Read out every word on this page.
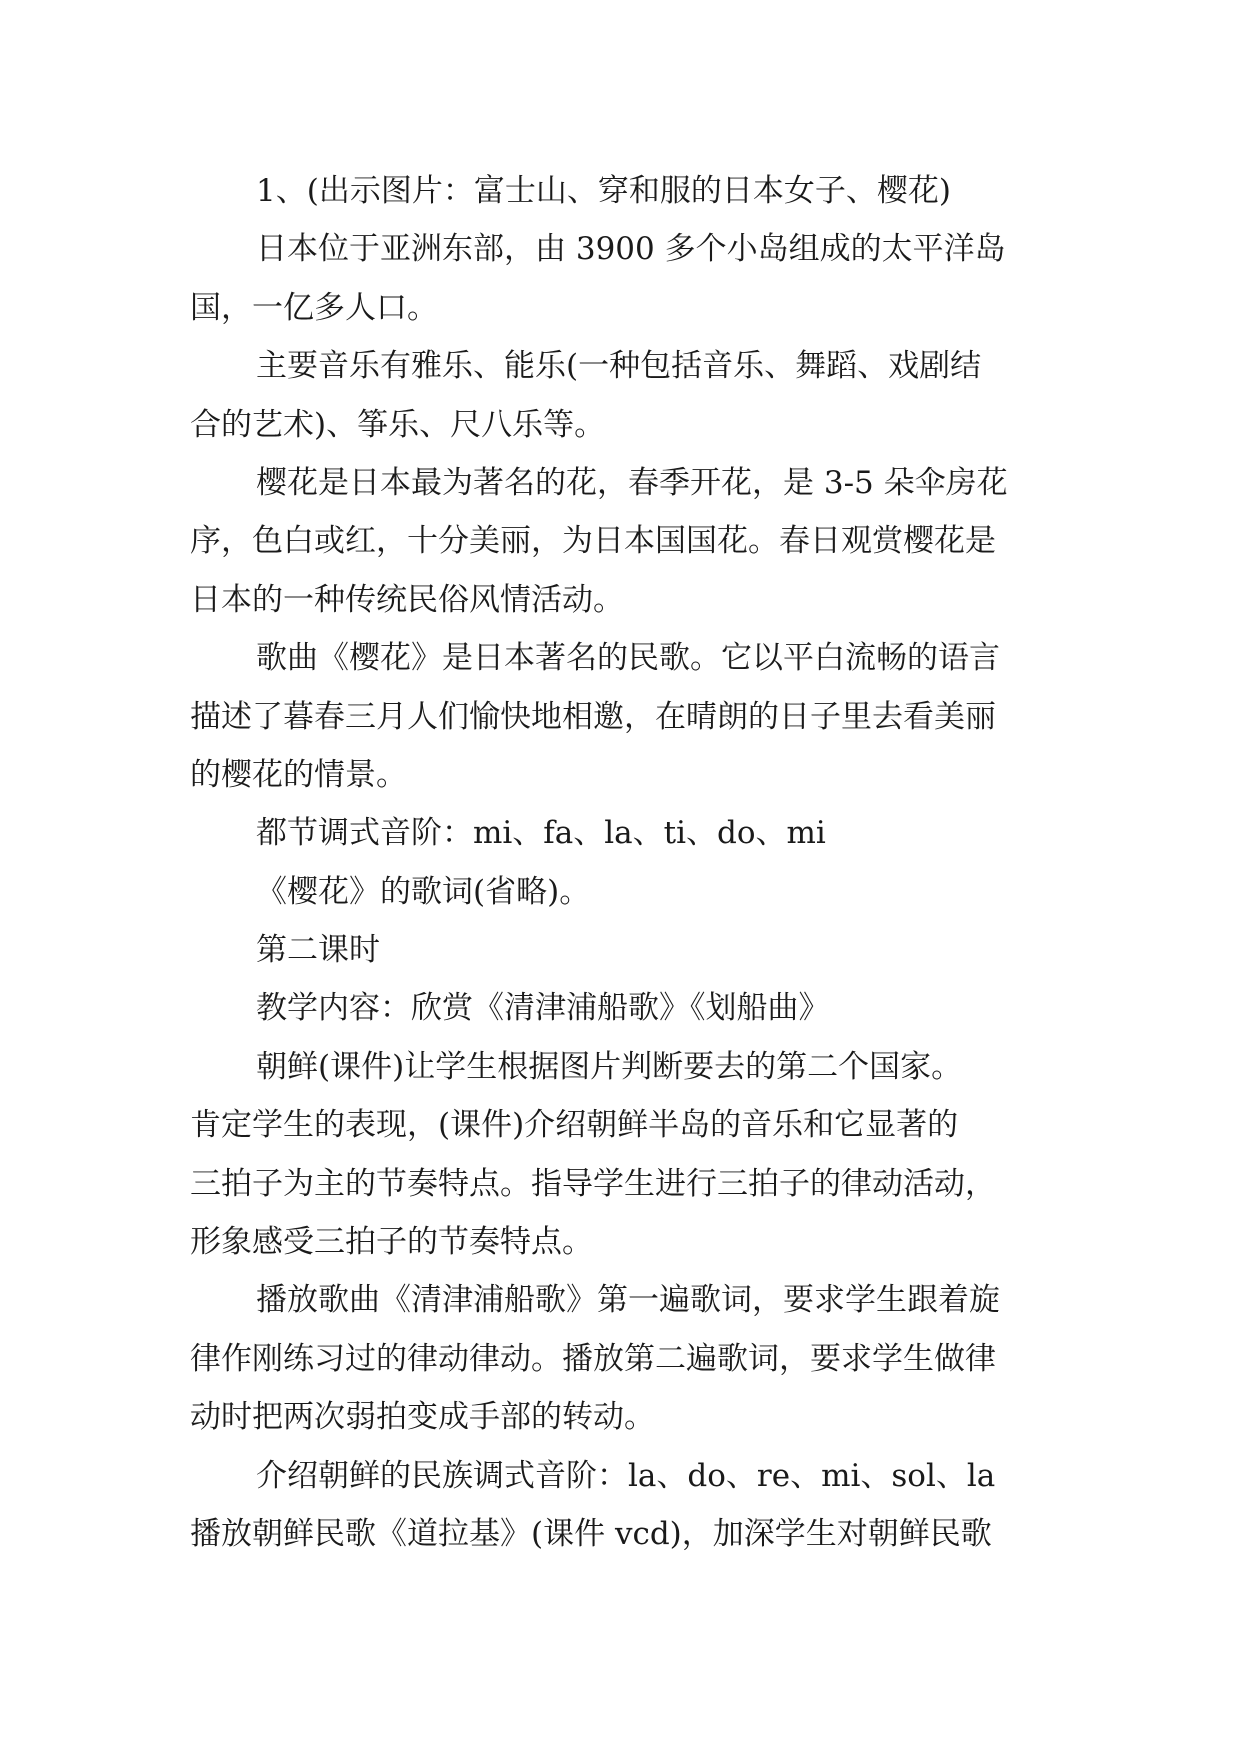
1、(出示图片：富士山、穿和服的日本女子、樱花)
日本位于亚洲东部，由 3900 多个小岛组成的太平洋岛
国，一亿多人口。
主要音乐有雅乐、能乐(一种包括音乐、舞蹈、戏剧结
合的艺术)、筝乐、尺八乐等。
樱花是日本最为著名的花，春季开花，是 3-5 朵伞房花
序，色白或红，十分美丽，为日本国国花。春日观赏樱花是
日本的一种传统民俗风情活动。
歌曲《樱花》是日本著名的民歌。它以平白流畅的语言
描述了暮春三月人们愉快地相邀，在晴朗的日子里去看美丽
的樱花的情景。
都节调式音阶：mi、fa、la、ti、do、mi
《樱花》的歌词(省略)。
第二课时
教学内容：欣赏《清津浦船歌》《划船曲》
朝鲜(课件)让学生根据图片判断要去的第二个国家。
肯定学生的表现，(课件)介绍朝鲜半岛的音乐和它显著的
三拍子为主的节奏特点。指导学生进行三拍子的律动活动，
形象感受三拍子的节奏特点。
播放歌曲《清津浦船歌》第一遍歌词，要求学生跟着旋
律作刚练习过的律动律动。播放第二遍歌词，要求学生做律
动时把两次弱拍变成手部的转动。
介绍朝鲜的民族调式音阶：la、do、re、mi、sol、la
播放朝鲜民歌《道拉基》(课件 vcd)，加深学生对朝鲜民歌
